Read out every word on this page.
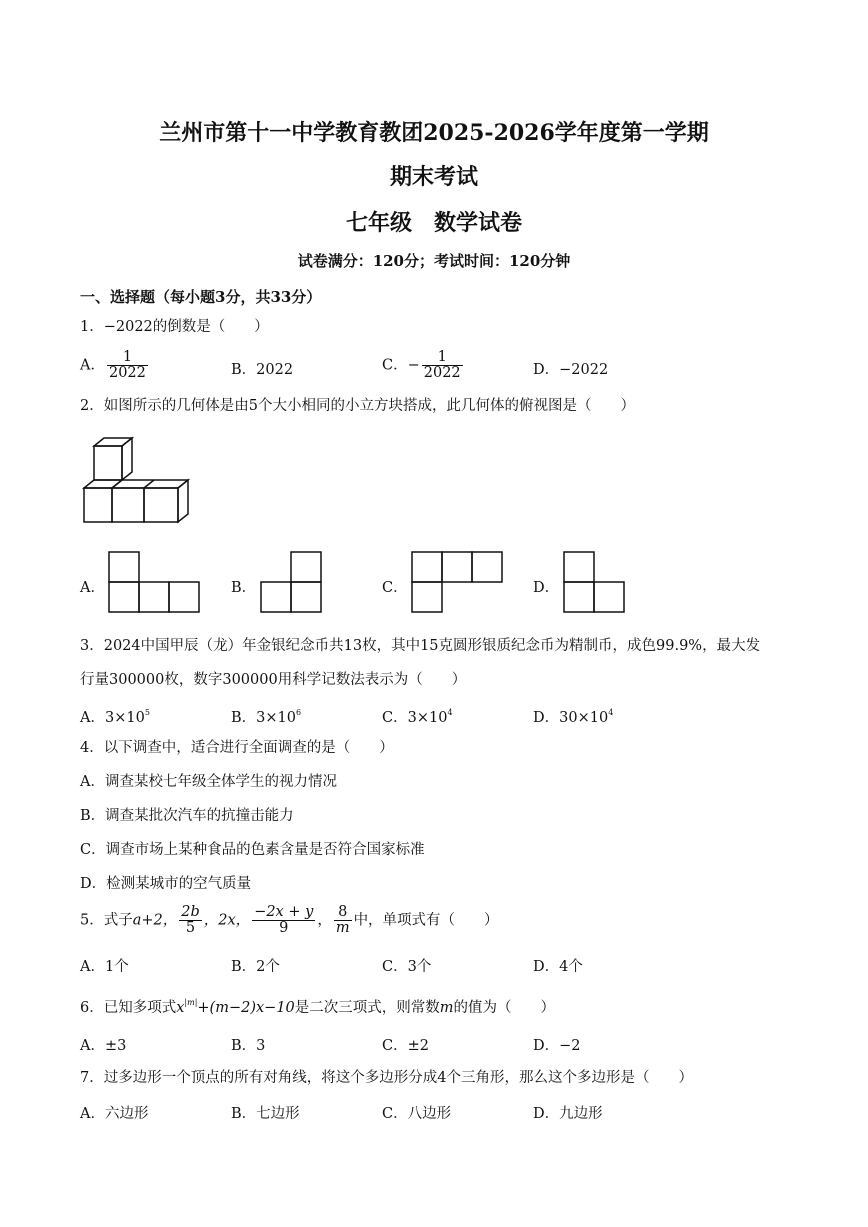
兰州市第十一中学教育教团2025-2026学年度第一学期
期末考试
七年级　数学试卷
试卷满分：120分；考试时间：120分钟
一、选择题（每小题3分，共33分）
1．−2022的倒数是（　　）
A． $\frac{1}{2022}$	B．2022	C．− $\frac{1}{2022}$	D．−2022
2．如图所示的几何体是由5个大小相同的小立方块搭成，此几何体的俯视图是（　　）
A．	B．	C．	D．
3．2024中国甲辰（龙）年金银纪念币共13枚，其中15克圆形银质纪念币为精制币，成色99.9%，最大发
行量300000枚，数字300000用科学记数法表示为（　　）
A．$3\times 10^5$	B．$3\times 10^6$	C．$3\times 10^4$	D．$30\times 10^4$
4．以下调查中，适合进行全面调查的是（　　）
A．调查某校七年级全体学生的视力情况
B．调查某批次汽车的抗撞击能力
C．调查市场上某种食品的色素含量是否符合国家标准
D．检测某城市的空气质量
5．式子a+2， $\frac{2b}{5}$ ，2x， $\frac{-2x + y}{9}$ ， $\frac{8}{m}$ 中，单项式有（　　）
A．1个	B．2个	C．3个	D．4个
6．已知多项式$x^{|m|}+(m-2)x-10$是二次三项式，则常数m的值为（　　）
A．±3	B．3	C．±2	D．−2
7．过多边形一个顶点的所有对角线，将这个多边形分成4个三角形，那么这个多边形是（　　）
A．六边形	B．七边形	C．八边形	D．九边形
